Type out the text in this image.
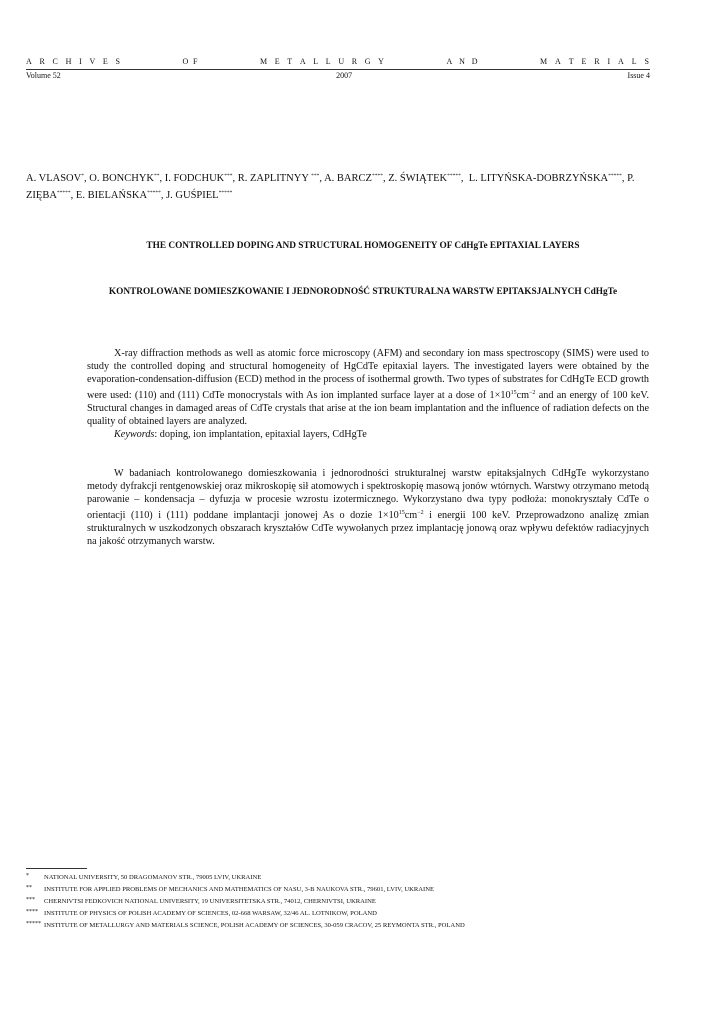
A R C H I V E S	O F	M E T A L L U R G Y	A N D	M A T E R I A L S
Volume 52	2007	Issue 4
A. VLASOV*, O. BONCHYK**, I. FODCHUK***, R. ZAPLITNYY ***, A. BARCZ****, Z. ŚWIĄTEK*****,  L. LITYŃSKA-DOBRZYŃSKA*****, P. ZIĘBA*****, E. BIELAŃSKA*****, J. GUŚPIEL*****
THE CONTROLLED DOPING AND STRUCTURAL HOMOGENEITY OF CdHgTe EPITAXIAL LAYERS
KONTROLOWANE DOMIESZKOWANIE I JEDNORODNOŚĆ STRUKTURALNA WARSTW EPITAKSJALNYCH CdHgTe

X-ray diffraction methods as well as atomic force microscopy (AFM) and secondary ion mass spectroscopy (SIMS) were used to study the controlled doping and structural homogeneity of HgCdTe epitaxial layers. The investigated layers were obtained by the evaporation-condensation-diffusion (ECD) method in the process of isothermal growth. Two types of substrates for CdHgTe ECD growth were used: (110) and (111) CdTe monocrystals with As ion implanted surface layer at a dose of $1\times 10^{15}cm^{-2}$ and an energy of 100 keV. Structural changes in damaged areas of CdTe crystals that arise at the ion beam implantation and the influence of radiation defects on the quality of obtained layers are analyzed.

Keywords: doping, ion implantation, epitaxial layers, CdHgTe

W badaniach kontrolowanego domieszkowania i jednorodności strukturalnej warstw epitaksjalnych CdHgTe wykorzystano metody dyfrakcji rentgenowskiej oraz mikroskopię sił atomowych i spektroskopię masową jonów wtórnych. Warstwy otrzymano metodą parowanie – kondensacja – dyfuzja w procesie wzrostu izotermicznego. Wykorzystano dwa typy podłoża: monokryształy CdTe o orientacji (110) i (111) poddane implantacji jonowej As o dozie $1\times 10^{15}cm^{-2}$ i energii 100 keV. Przeprowadzono analizę zmian strukturalnych w uszkodzonych obszarach kryształów CdTe wywołanych przez implantację jonową oraz wpływu defektów radiacyjnych na jakość otrzymanych warstw.

* NATIONAL UNIVERSITY, 50 DRAGOMANOV STR., 79005 LVIV, UKRAINE
** INSTITUTE FOR APPLIED PROBLEMS OF MECHANICS AND MATHEMATICS OF NASU, 3-B NAUKOVA STR., 79601, LVIV, UKRAINE
*** CHERNIVTSI FEDKOVICH NATIONAL UNIVERSITY, 19 UNIVERSITETSKA STR., 74012, CHERNIVTSI, UKRAINE
**** INSTITUTE OF PHYSICS OF POLISH ACADEMY OF SCIENCES, 02-668 WARSAW, 32/46 AL. LOTNIKOW, POLAND
***** INSTITUTE OF METALLURGY AND MATERIALS SCIENCE, POLISH ACADEMY OF SCIENCES, 30-059 CRACOV, 25 REYMONTA STR., POLAND
